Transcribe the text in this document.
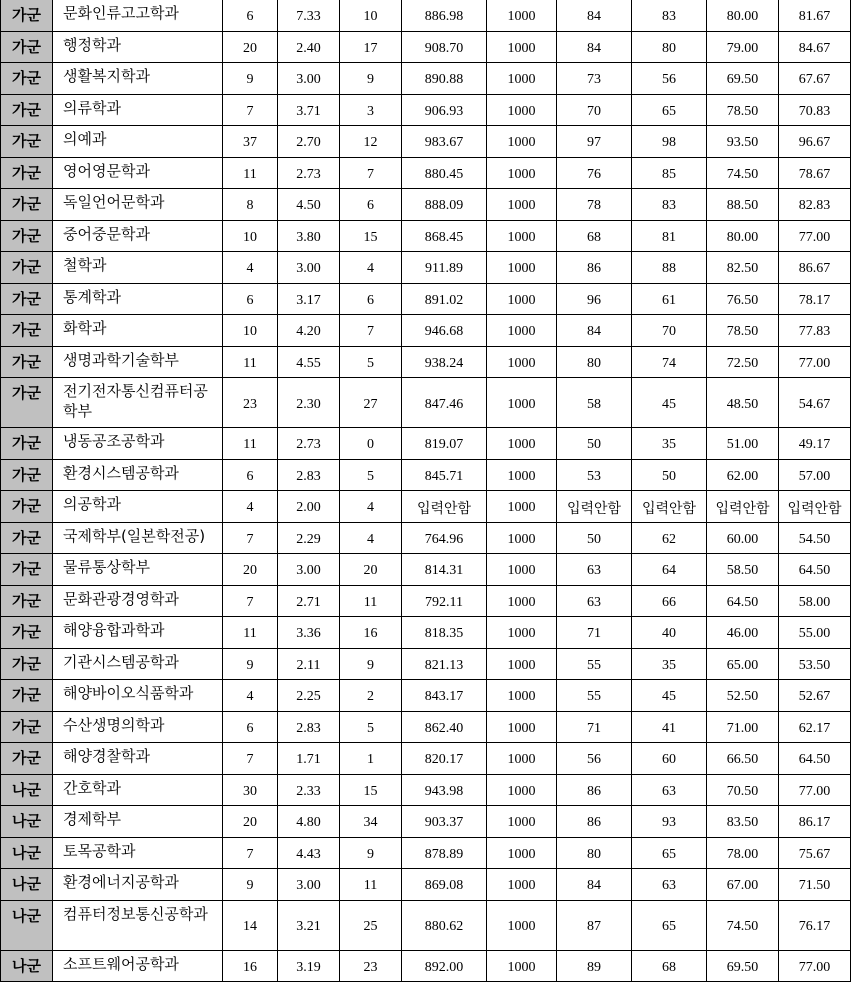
가군	문화인류고고학과	6	7.33	10	886.98	1000	84	83	80.00	81.67
가군	행정학과	20	2.40	17	908.70	1000	84	80	79.00	84.67
가군	생활복지학과	9	3.00	9	890.88	1000	73	56	69.50	67.67
가군	의류학과	7	3.71	3	906.93	1000	70	65	78.50	70.83
가군	의예과	37	2.70	12	983.67	1000	97	98	93.50	96.67
가군	영어영문학과	11	2.73	7	880.45	1000	76	85	74.50	78.67
가군	독일언어문학과	8	4.50	6	888.09	1000	78	83	88.50	82.83
가군	중어중문학과	10	3.80	15	868.45	1000	68	81	80.00	77.00
가군	철학과	4	3.00	4	911.89	1000	86	88	82.50	86.67
가군	통계학과	6	3.17	6	891.02	1000	96	61	76.50	78.17
가군	화학과	10	4.20	7	946.68	1000	84	70	78.50	77.83
가군	생명과학기술학부	11	4.55	5	938.24	1000	80	74	72.50	77.00
가군	전기전자통신컴퓨터공학부	23	2.30	27	847.46	1000	58	45	48.50	54.67
가군	냉동공조공학과	11	2.73	0	819.07	1000	50	35	51.00	49.17
가군	환경시스템공학과	6	2.83	5	845.71	1000	53	50	62.00	57.00
가군	의공학과	4	2.00	4	입력안함	1000	입력안함	입력안함	입력안함	입력안함
가군	국제학부(일본학전공)	7	2.29	4	764.96	1000	50	62	60.00	54.50
가군	물류통상학부	20	3.00	20	814.31	1000	63	64	58.50	64.50
가군	문화관광경영학과	7	2.71	11	792.11	1000	63	66	64.50	58.00
가군	해양융합과학과	11	3.36	16	818.35	1000	71	40	46.00	55.00
가군	기관시스템공학과	9	2.11	9	821.13	1000	55	35	65.00	53.50
가군	해양바이오식품학과	4	2.25	2	843.17	1000	55	45	52.50	52.67
가군	수산생명의학과	6	2.83	5	862.40	1000	71	41	71.00	62.17
가군	해양경찰학과	7	1.71	1	820.17	1000	56	60	66.50	64.50
나군	간호학과	30	2.33	15	943.98	1000	86	63	70.50	77.00
나군	경제학부	20	4.80	34	903.37	1000	86	93	83.50	86.17
나군	토목공학과	7	4.43	9	878.89	1000	80	65	78.00	75.67
나군	환경에너지공학과	9	3.00	11	869.08	1000	84	63	67.00	71.50
나군	컴퓨터정보통신공학과	14	3.21	25	880.62	1000	87	65	74.50	76.17
나군	소프트웨어공학과	16	3.19	23	892.00	1000	89	68	69.50	77.00
